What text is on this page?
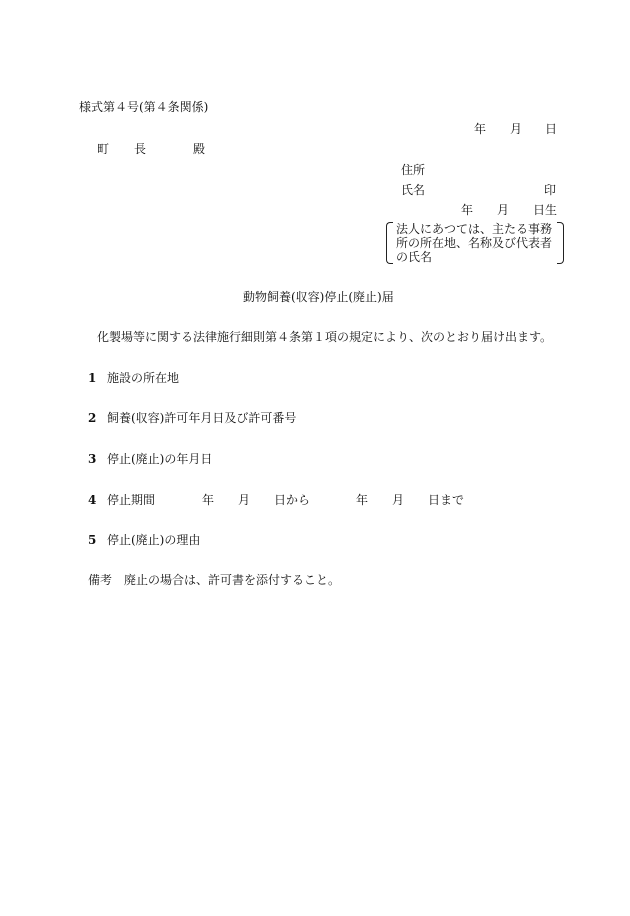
様式第４号(第４条関係)
年 月 日
町 長	殿
住所
氏名	印
年 月 日生
法人にあつては、主たる事務
所の所在地、名称及び代表者
の氏名
動物飼養(収容)停止(廃止)届
化製場等に関する法律施行細則第４条第１項の規定により、次のとおり届け出ます。
1 施設の所在地
2 飼養(収容)許可年月日及び許可番号
3 停止(廃止)の年月日
4 停止期間	年 月 日から	年 月 日まで
5 停止(廃止)の理由
備考 廃止の場合は、許可書を添付すること。
